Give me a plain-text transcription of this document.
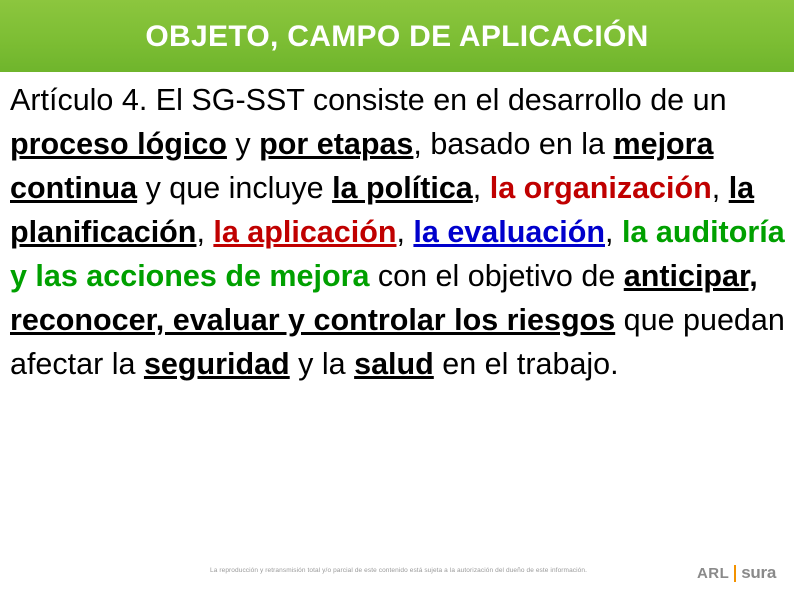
OBJETO, CAMPO DE APLICACIÓN
Artículo 4. El SG-SST consiste en el desarrollo de un proceso lógico y por etapas, basado en la mejora continua y que incluye la política, la organización, la planificación, la aplicación, la evaluación, la auditoría y las acciones de mejora con el objetivo de anticipar, reconocer, evaluar y controlar los riesgos que puedan afectar la seguridad y la salud en el trabajo.
La reproducción y retransmisión total y/o parcial de este contenido está sujeta a la autorización del dueño de este información.	ARL sura
